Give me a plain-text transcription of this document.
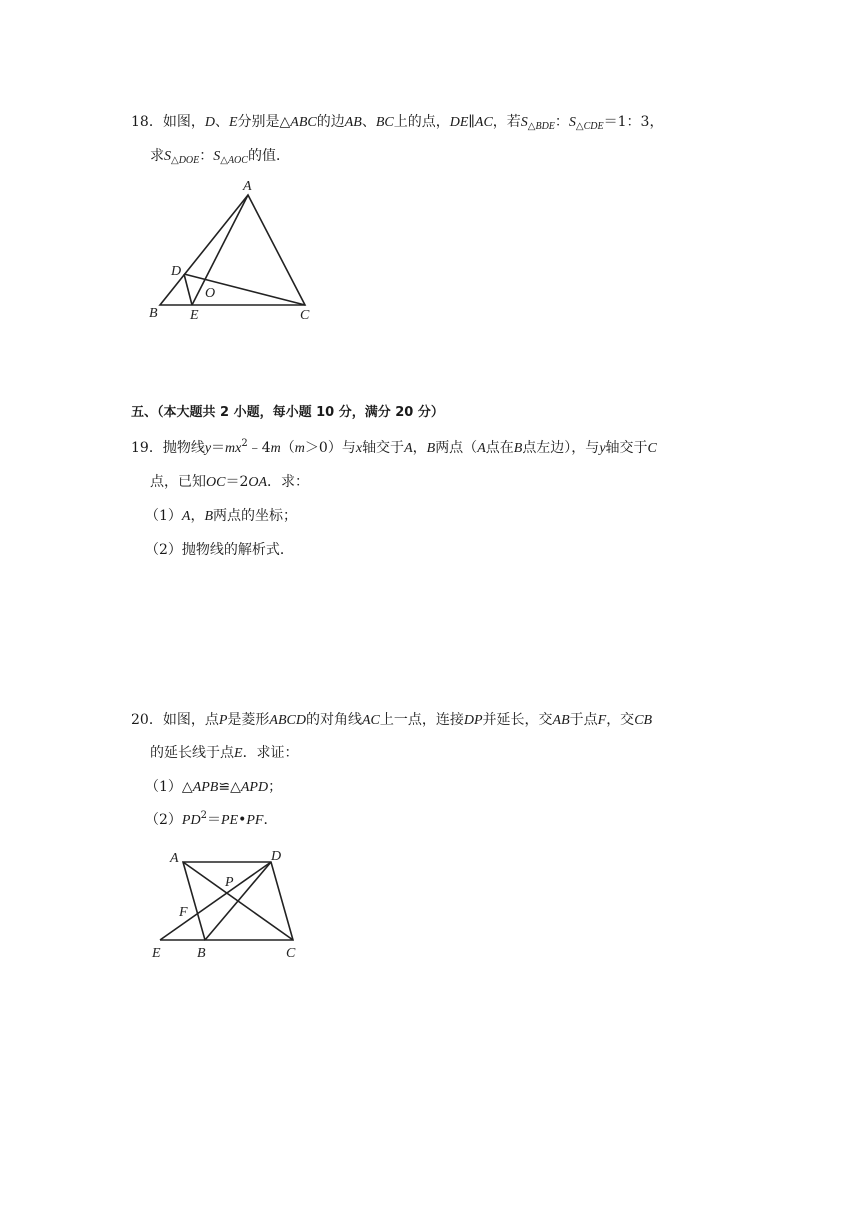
18．如图，D、E分别是△ABC的边AB、BC上的点，DE∥AC，若$S_{\triangle BDE}$：$S_{\triangle CDE}=1$：3，
求$S_{\triangle DOE}$：$S_{\triangle AOC}$的值．
A
D
O
B E	C
五、（本大题共 2 小题，每小题 10 分，满分 20 分）
19．抛物线$y=mx^2﹣4m(m>0)$与x轴交于A，B两点（A点在B点左边），与y轴交于C
点，已知OC＝2OA．求：
（1）A，B两点的坐标；
（2）抛物线的解析式．
20．如图，点P是菱形ABCD的对角线AC上一点，连接DP并延长，交AB于点F，交CB
的延长线于点E．求证：
（1）△APB≌△APD；
$(2)PD^2=PE•PF$．
A	D
P
F
E	B	C
